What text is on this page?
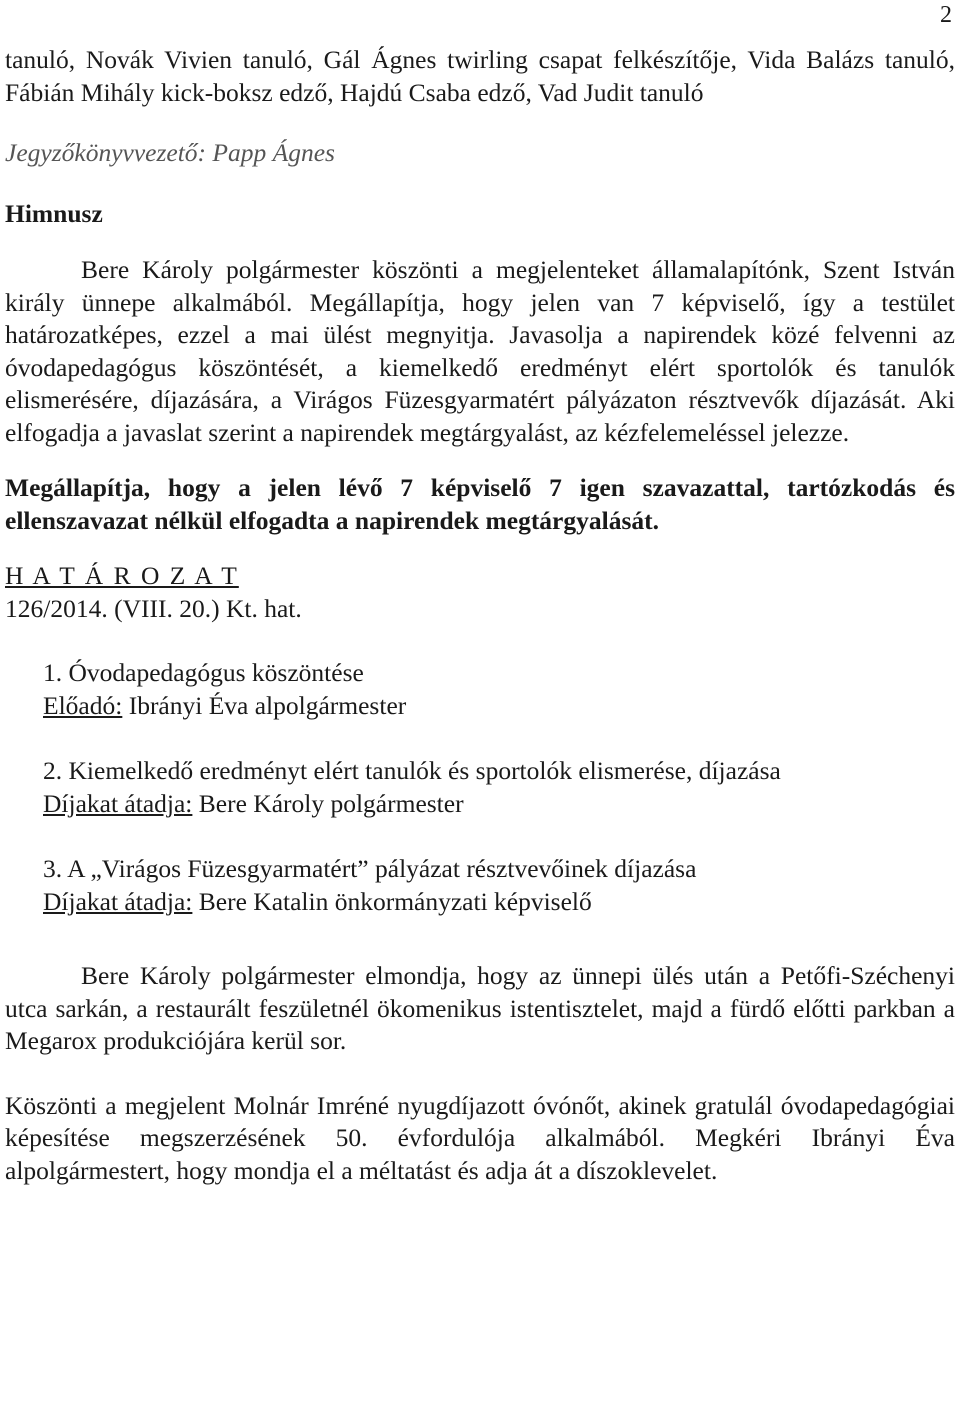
2

tanuló, Novák Vivien tanuló, Gál Ágnes twirling csapat felkészítője, Vida Balázs tanuló, Fábián Mihály kick-boksz edző, Hajdú Csaba edző, Vad Judit tanuló

Jegyzőkönyvvezető: Papp Ágnes

Himnusz

Bere Károly polgármester köszönti a megjelenteket államalapítónk, Szent István király ünnepe alkalmából. Megállapítja, hogy jelen van 7 képviselő, így a testület határozatképes, ezzel a mai ülést megnyitja. Javasolja a napirendek közé felvenni az óvodapedagógus köszöntését, a kiemelkedő eredményt elért sportolók és tanulók elismerésére, díjazására, a Virágos Füzesgyarmatért pályázaton résztvevők díjazását. Aki elfogadja a javaslat szerint a napirendek megtárgyalást, az kézfelemeléssel jelezze.

Megállapítja, hogy a jelen lévő 7 képviselő 7 igen szavazattal, tartózkodás és ellenszavazat nélkül elfogadta a napirendek megtárgyalását.

H A T Á R O Z A T

126/2014. (VIII. 20.) Kt. hat.

1. Óvodapedagógus köszöntése

Előadó: Ibrányi Éva alpolgármester

2. Kiemelkedő eredményt elért tanulók és sportolók elismerése, díjazása

Díjakat átadja: Bere Károly polgármester

3. A „Virágos Füzesgyarmatért” pályázat résztvevőinek díjazása

Díjakat átadja: Bere Katalin önkormányzati képviselő

Bere Károly polgármester elmondja, hogy az ünnepi ülés után a Petőfi-Széchenyi utca sarkán, a restaurált feszületnél ökomenikus istentisztelet, majd a fürdő előtti parkban a Megarox produkciójára kerül sor.

Köszönti a megjelent Molnár Imréné nyugdíjazott óvónőt, akinek gratulál óvodapedagógiai képesítése megszerzésének 50. évfordulója alkalmából. Megkéri Ibrányi Éva alpolgármestert, hogy mondja el a méltatást és adja át a díszoklevelet.
